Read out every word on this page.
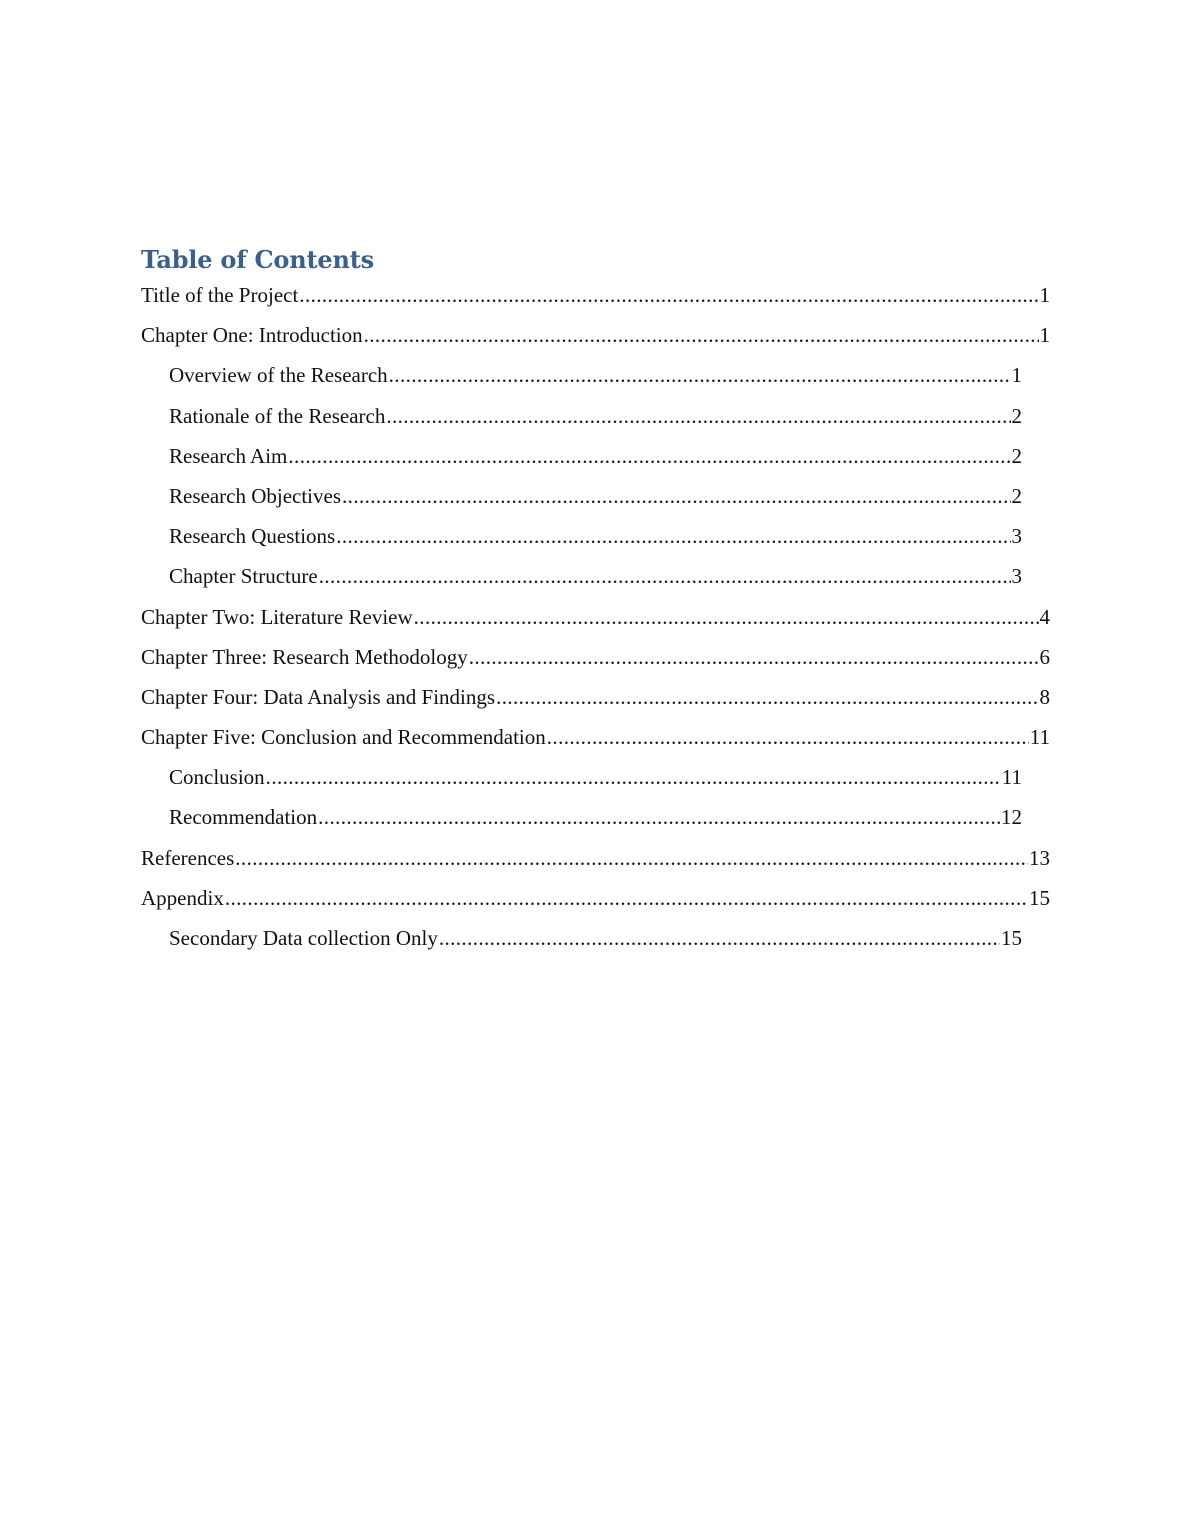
Table of Contents
Title of the Project .....	1
Chapter One: Introduction .....	1
Overview of the Research .....	1
Rationale of the Research .....	2
Research Aim .....	2
Research Objectives .....	2
Research Questions .....	3
Chapter Structure .....	3
Chapter Two: Literature Review .....	4
Chapter Three: Research Methodology .....	6
Chapter Four: Data Analysis and Findings .....	8
Chapter Five: Conclusion and Recommendation .....	11
Conclusion .....	11
Recommendation .....	12
References .....	13
Appendix .....	15
Secondary Data collection Only .....	15
